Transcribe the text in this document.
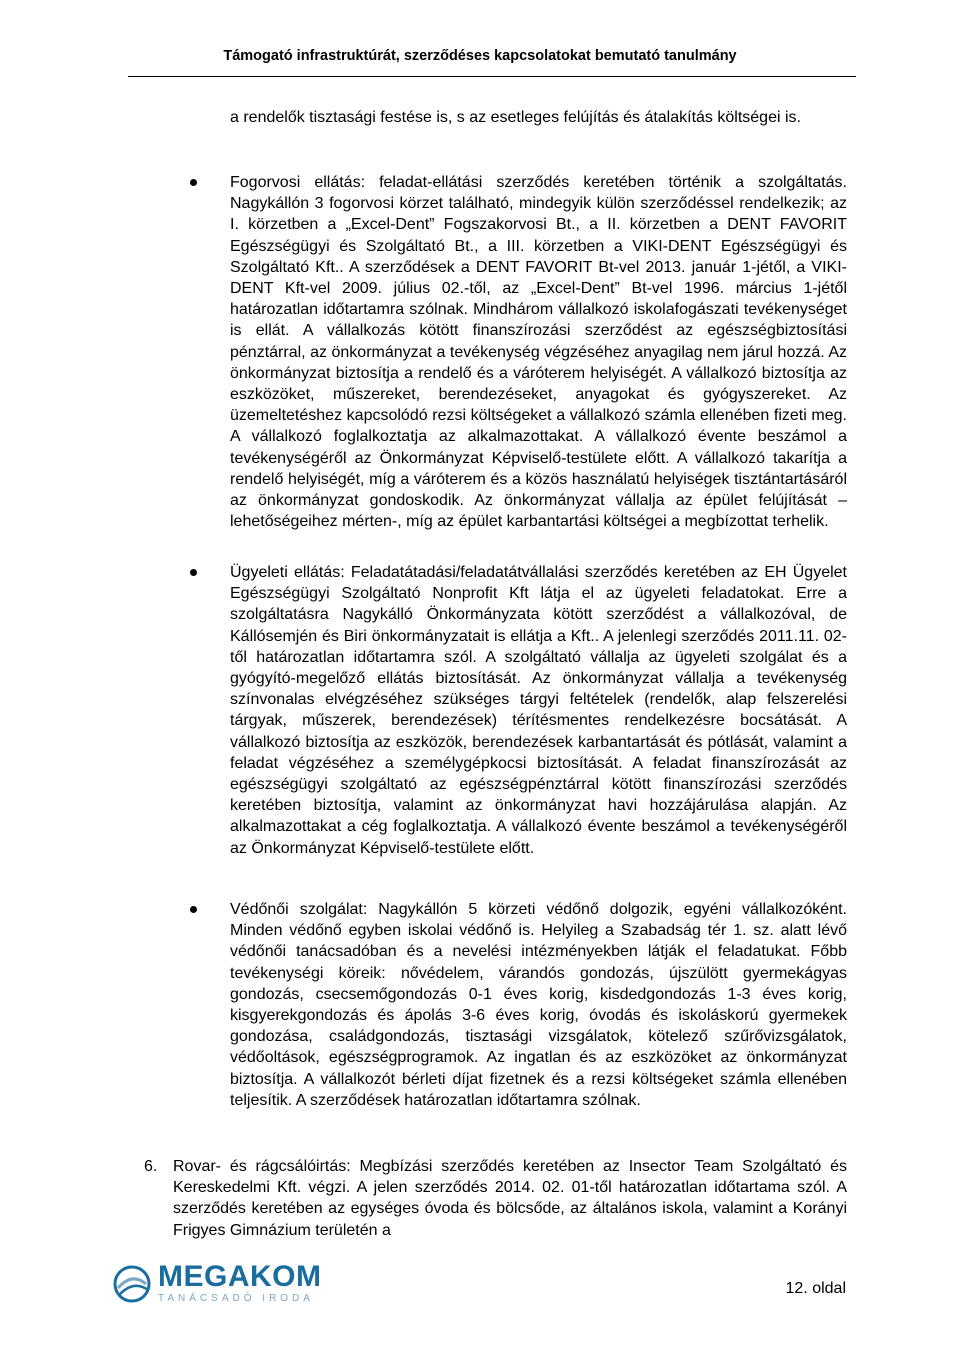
Támogató infrastruktúrát, szerződéses kapcsolatokat bemutató tanulmány
a rendelők tisztasági festése is, s az esetleges felújítás és átalakítás költségei is.
Fogorvosi ellátás: feladat-ellátási szerződés keretében történik a szolgáltatás. Nagykállón 3 fogorvosi körzet található, mindegyik külön szerződéssel rendelkezik; az I. körzetben a „Excel-Dent” Fogszakorvosi Bt., a II. körzetben a DENT FAVORIT Egészségügyi és Szolgáltató Bt., a III. körzetben a VIKI-DENT Egészségügyi és Szolgáltató Kft.. A szerződések a DENT FAVORIT Bt-vel 2013. január 1-jétől, a VIKI-DENT Kft-vel 2009. július 02.-től, az „Excel-Dent” Bt-vel 1996. március 1-jétől határozatlan időtartamra szólnak. Mindhárom vállalkozó iskolafogászati tevékenységet is ellát. A vállalkozás kötött finanszírozási szerződést az egészségbiztosítási pénztárral, az önkormányzat a tevékenység végzéséhez anyagilag nem járul hozzá. Az önkormányzat biztosítja a rendelő és a váróterem helyiségét. A vállalkozó biztosítja az eszközöket, műszereket, berendezéseket, anyagokat és gyógyszereket. Az üzemeltetéshez kapcsolódó rezsi költségeket a vállalkozó számla ellenében fizeti meg. A vállalkozó foglalkoztatja az alkalmazottakat. A vállalkozó évente beszámol a tevékenységéről az Önkormányzat Képviselő-testülete előtt. A vállalkozó takarítja a rendelő helyiségét, míg a váróterem és a közös használatú helyiségek tisztántartásáról az önkormányzat gondoskodik. Az önkormányzat vállalja az épület felújítását – lehetőségeihez mérten-, míg az épület karbantartási költségei a megbízottat terhelik.
Ügyeleti ellátás: Feladatátadási/feladatátvállalási szerződés keretében az EH Ügyelet Egészségügyi Szolgáltató Nonprofit Kft látja el az ügyeleti feladatokat. Erre a szolgáltatásra Nagykálló Önkormányzata kötött szerződést a vállalkozóval, de Kállósemjén és Biri önkormányzatait is ellátja a Kft.. A jelenlegi szerződés 2011.11. 02-től határozatlan időtartamra szól. A szolgáltató vállalja az ügyeleti szolgálat és a gyógyító-megelőző ellátás biztosítását. Az önkormányzat vállalja a tevékenység színvonalas elvégzéséhez szükséges tárgyi feltételek (rendelők, alap felszerelési tárgyak, műszerek, berendezések) térítésmentes rendelkezésre bocsátását. A vállalkozó biztosítja az eszközök, berendezések karbantartását és pótlását, valamint a feladat végzéséhez a személygépkocsi biztosítását. A feladat finanszírozását az egészségügyi szolgáltató az egészségpénztárral kötött finanszírozási szerződés keretében biztosítja, valamint az önkormányzat havi hozzájárulása alapján. Az alkalmazottakat a cég foglalkoztatja. A vállalkozó évente beszámol a tevékenységéről az Önkormányzat Képviselő-testülete előtt.
Védőnői szolgálat: Nagykállón 5 körzeti védőnő dolgozik, egyéni vállalkozóként. Minden védőnő egyben iskolai védőnő is. Helyileg a Szabadság tér 1. sz. alatt lévő védőnői tanácsadóban és a nevelési intézményekben látják el feladatukat. Főbb tevékenységi köreik: nővédelem, várandós gondozás, újszülött gyermekágyas gondozás, csecsemőgondozás 0-1 éves korig, kisdedgondozás 1-3 éves korig, kisgyerekgondozás és ápolás 3-6 éves korig, óvodás és iskoláskorú gyermekek gondozása, családgondozás, tisztasági vizsgálatok, kötelező szűrővizsgálatok, védőoltások, egészségprogramok. Az ingatlan és az eszközöket az önkormányzat biztosítja. A vállalkozót bérleti díjat fizetnek és a rezsi költségeket számla ellenében teljesítik. A szerződések határozatlan időtartamra szólnak.
6. Rovar- és rágcsálóirtás: Megbízási szerződés keretében az Insector Team Szolgáltató és Kereskedelmi Kft. végzi. A jelen szerződés 2014. 02. 01-től határozatlan időtartama szól. A szerződés keretében az egységes óvoda és bölcsőde, az általános iskola, valamint a Korányi Frigyes Gimnázium területén a
MEGAKOM
TANÁCSADÓ IRODA
12. oldal
